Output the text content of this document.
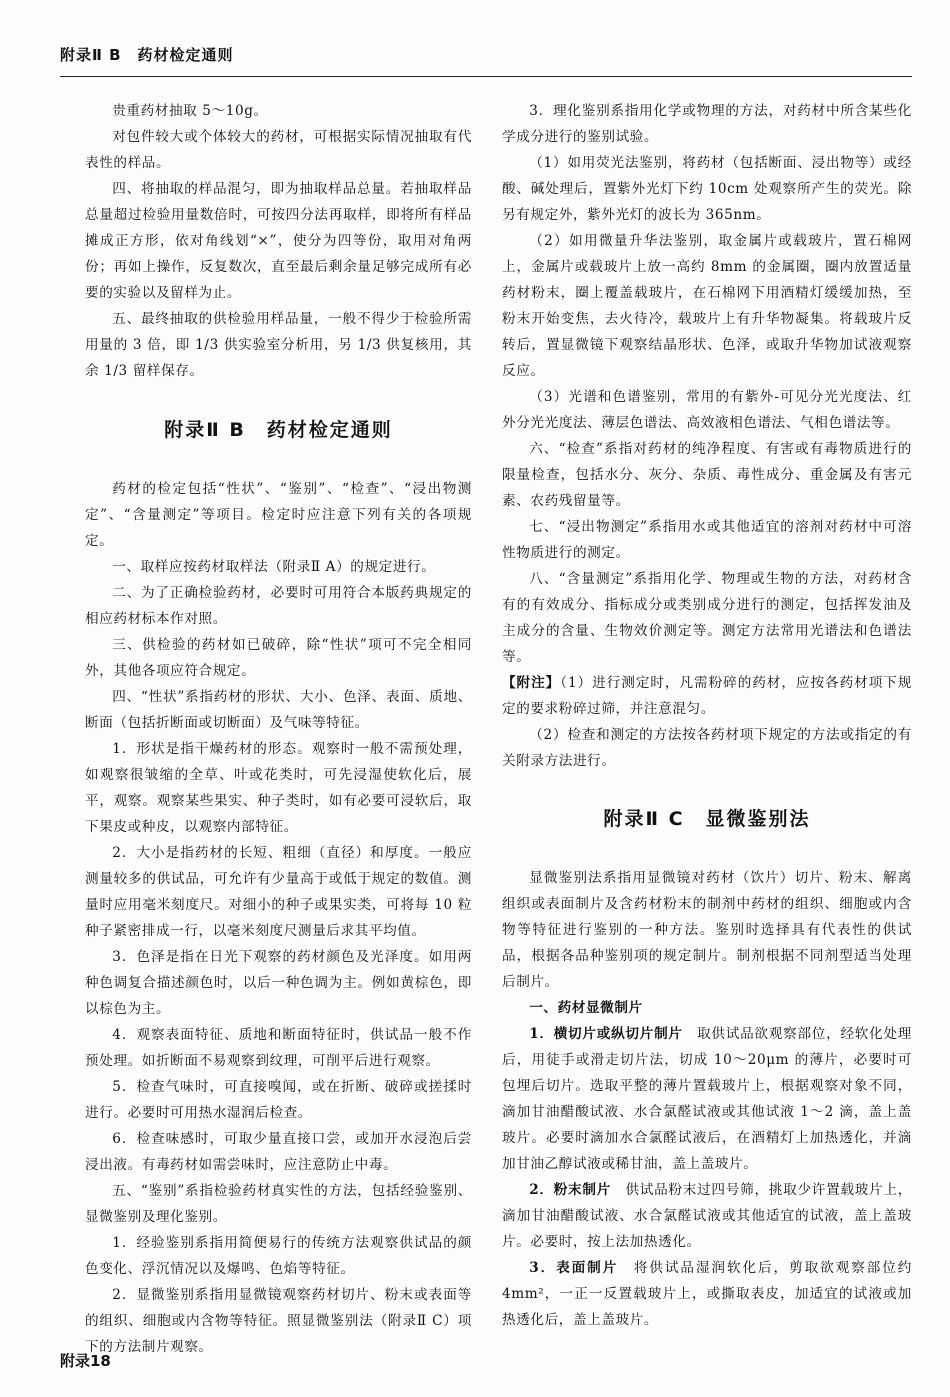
附录Ⅱ B　药材检定通则

贵重药材抽取 5～10g。

对包件较大或个体较大的药材，可根据实际情况抽取有代表性的样品。

四、将抽取的样品混匀，即为抽取样品总量。若抽取样品总量超过检验用量数倍时，可按四分法再取样，即将所有样品摊成正方形，依对角线划“×”，使分为四等份，取用对角两份；再如上操作，反复数次，直至最后剩余量足够完成所有必要的实验以及留样为止。

五、最终抽取的供检验用样品量，一般不得少于检验所需用量的 3 倍，即 1/3 供实验室分析用，另 1/3 供复核用，其余 1/3 留样保存。

附录Ⅱ B　药材检定通则

药材的检定包括“性状”、“鉴别”、“检查”、“浸出物测定”、“含量测定”等项目。检定时应注意下列有关的各项规定。

一、取样应按药材取样法（附录Ⅱ A）的规定进行。

二、为了正确检验药材，必要时可用符合本版药典规定的相应药材标本作对照。

三、供检验的药材如已破碎，除“性状”项可不完全相同外，其他各项应符合规定。

四、“性状”系指药材的形状、大小、色泽、表面、质地、断面（包括折断面或切断面）及气味等特征。

1．形状是指干燥药材的形态。观察时一般不需预处理，如观察很皱缩的全草、叶或花类时，可先浸湿使软化后，展平，观察。观察某些果实、种子类时，如有必要可浸软后，取下果皮或种皮，以观察内部特征。

2．大小是指药材的长短、粗细（直径）和厚度。一般应测量较多的供试品，可允许有少量高于或低于规定的数值。测量时应用毫米刻度尺。对细小的种子或果实类，可将每 10 粒种子紧密排成一行，以毫米刻度尺测量后求其平均值。

3．色泽是指在日光下观察的药材颜色及光泽度。如用两种色调复合描述颜色时，以后一种色调为主。例如黄棕色，即以棕色为主。

4．观察表面特征、质地和断面特征时，供试品一般不作预处理。如折断面不易观察到纹理，可削平后进行观察。

5．检查气味时，可直接嗅闻，或在折断、破碎或搓揉时进行。必要时可用热水湿润后检查。

6．检查味感时，可取少量直接口尝，或加开水浸泡后尝浸出液。有毒药材如需尝味时，应注意防止中毒。

五、“鉴别”系指检验药材真实性的方法，包括经验鉴别、显微鉴别及理化鉴别。

1．经验鉴别系指用简便易行的传统方法观察供试品的颜色变化、浮沉情况以及爆鸣、色焰等特征。

2．显微鉴别系指用显微镜观察药材切片、粉末或表面等的组织、细胞或内含物等特征。照显微鉴别法（附录Ⅱ C）项下的方法制片观察。

3．理化鉴别系指用化学或物理的方法，对药材中所含某些化学成分进行的鉴别试验。

（1）如用荧光法鉴别，将药材（包括断面、浸出物等）或经酸、碱处理后，置紫外光灯下约 10cm 处观察所产生的荧光。除另有规定外，紫外光灯的波长为 365nm。

（2）如用微量升华法鉴别，取金属片或载玻片，置石棉网上，金属片或载玻片上放一高约 8mm 的金属圈，圈内放置适量药材粉末，圈上覆盖载玻片，在石棉网下用酒精灯缓缓加热，至粉末开始变焦，去火待冷，载玻片上有升华物凝集。将载玻片反转后，置显微镜下观察结晶形状、色泽，或取升华物加试液观察反应。

（3）光谱和色谱鉴别，常用的有紫外-可见分光光度法、红外分光光度法、薄层色谱法、高效液相色谱法、气相色谱法等。

六、“检查”系指对药材的纯净程度、有害或有毒物质进行的限量检查，包括水分、灰分、杂质、毒性成分、重金属及有害元素、农药残留量等。

七、“浸出物测定”系指用水或其他适宜的溶剂对药材中可溶性物质进行的测定。

八、“含量测定”系指用化学、物理或生物的方法，对药材含有的有效成分、指标成分或类别成分进行的测定，包括挥发油及主成分的含量、生物效价测定等。测定方法常用光谱法和色谱法等。

【附注】（1）进行测定时，凡需粉碎的药材，应按各药材项下规定的要求粉碎过筛，并注意混匀。

（2）检查和测定的方法按各药材项下规定的方法或指定的有关附录方法进行。

附录Ⅱ C　显微鉴别法

显微鉴别法系指用显微镜对药材（饮片）切片、粉末、解离组织或表面制片及含药材粉末的制剂中药材的组织、细胞或内含物等特征进行鉴别的一种方法。鉴别时选择具有代表性的供试品，根据各品种鉴别项的规定制片。制剂根据不同剂型适当处理后制片。

一、药材显微制片

1．横切片或纵切片制片　取供试品欲观察部位，经软化处理后，用徒手或滑走切片法，切成 10～20μm 的薄片，必要时可包埋后切片。选取平整的薄片置载玻片上，根据观察对象不同，滴加甘油醋酸试液、水合氯醛试液或其他试液 1～2 滴，盖上盖玻片。必要时滴加水合氯醛试液后，在酒精灯上加热透化，并滴加甘油乙醇试液或稀甘油，盖上盖玻片。

2．粉末制片　供试品粉末过四号筛，挑取少许置载玻片上，滴加甘油醋酸试液、水合氯醛试液或其他适宜的试液，盖上盖玻片。必要时，按上法加热透化。

3．表面制片　将供试品湿润软化后，剪取欲观察部位约 4mm²，一正一反置载玻片上，或撕取表皮，加适宜的试液或加热透化后，盖上盖玻片。

附录18
